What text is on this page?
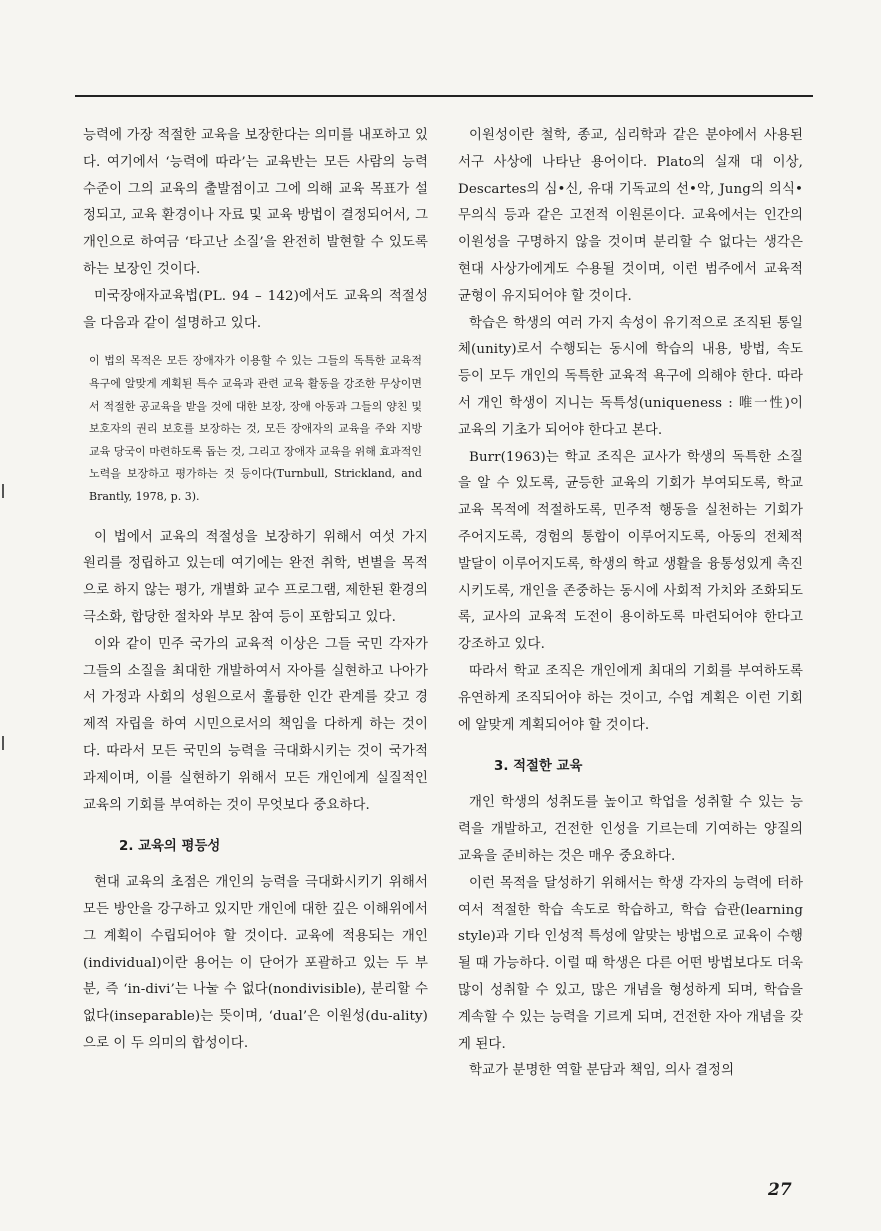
능력에 가장 적절한 교육을 보장한다는 의미를 내포하고 있다. 여기에서 ‘능력에 따라’는 교육반는 모든 사람의 능력 수준이 그의 교육의 출발점이고 그에 의해 교육 목표가 설정되고, 교육 환경이나 자료 및 교육 방법이 결정되어서, 그 개인으로 하여금 ‘타고난 소질’을 완전히 발현할 수 있도록 하는 보장인 것이다.

미국장애자교육법(PL. 94 – 142)에서도 교육의 적절성을 다음과 같이 설명하고 있다.

이 법의 목적은 모든 장애자가 이용할 수 있는 그들의 독특한 교육적 욕구에 알맞게 계획된 특수 교육과 관련 교육 활동을 강조한 무상이면서 적절한 공교육을 받을 것에 대한 보장, 장애 아동과 그들의 양친 및 보호자의 권리 보호를 보장하는 것, 모든 장애자의 교육을 주와 지방 교육 당국이 마련하도록 돕는 것, 그리고 장애자 교육을 위해 효과적인 노력을 보장하고 평가하는 것 등이다(Turnbull, Strickland, and Brantly, 1978, p. 3).

이 법에서 교육의 적절성을 보장하기 위해서 여섯 가지 원리를 정립하고 있는데 여기에는 완전 취학, 변별을 목적으로 하지 않는 평가, 개별화 교수 프로그램, 제한된 환경의 극소화, 합당한 절차와 부모 참여 등이 포함되고 있다.

이와 같이 민주 국가의 교육적 이상은 그들 국민 각자가 그들의 소질을 최대한 개발하여서 자아를 실현하고 나아가서 가정과 사회의 성원으로서 훌륭한 인간 관계를 갖고 경제적 자립을 하여 시민으로서의 책임을 다하게 하는 것이다. 따라서 모든 국민의 능력을 극대화시키는 것이 국가적 과제이며, 이를 실현하기 위해서 모든 개인에게 실질적인 교육의 기회를 부여하는 것이 무엇보다 중요하다.

2. 교육의 평등성

현대 교육의 초점은 개인의 능력을 극대화시키기 위해서 모든 방안을 강구하고 있지만 개인에 대한 깊은 이해위에서 그 계획이 수립되어야 할 것이다. 교육에 적용되는 개인(individual)이란 용어는 이 단어가 포괄하고 있는 두 부분, 즉 ‘in-divi’는 나눌 수 없다(nondivisible), 분리할 수 없다(inseparable)는 뜻이며, ‘dual’은 이원성(du-ality)으로 이 두 의미의 합성이다.

이원성이란 철학, 종교, 심리학과 같은 분야에서 사용된 서구 사상에 나타난 용어이다. Plato의 실재 대 이상, Descartes의 심•신, 유대 기독교의 선•악, Jung의 의식•무의식 등과 같은 고전적 이원론이다. 교육에서는 인간의 이원성을 구명하지 않을 것이며 분리할 수 없다는 생각은 현대 사상가에게도 수용될 것이며, 이런 범주에서 교육적 균형이 유지되어야 할 것이다.

학습은 학생의 여러 가지 속성이 유기적으로 조직된 통일체(unity)로서 수행되는 동시에 학습의 내용, 방법, 속도 등이 모두 개인의 독특한 교육적 욕구에 의해야 한다. 따라서 개인 학생이 지니는 독특성(uniqueness : 唯一性)이 교육의 기초가 되어야 한다고 본다.

Burr(1963)는 학교 조직은 교사가 학생의 독특한 소질을 알 수 있도록, 균등한 교육의 기회가 부여되도록, 학교 교육 목적에 적절하도록, 민주적 행동을 실천하는 기회가 주어지도록, 경험의 통합이 이루어지도록, 아동의 전체적 발달이 이루어지도록, 학생의 학교 생활을 융통성있게 촉진시키도록, 개인을 존중하는 동시에 사회적 가치와 조화되도록, 교사의 교육적 도전이 용이하도록 마련되어야 한다고 강조하고 있다.

따라서 학교 조직은 개인에게 최대의 기회를 부여하도록 유연하게 조직되어야 하는 것이고, 수업 계획은 이런 기회에 알맞게 계획되어야 할 것이다.

3. 적절한 교육

개인 학생의 성취도를 높이고 학업을 성취할 수 있는 능력을 개발하고, 건전한 인성을 기르는데 기여하는 양질의 교육을 준비하는 것은 매우 중요하다.

이런 목적을 달성하기 위해서는 학생 각자의 능력에 터하여서 적절한 학습 속도로 학습하고, 학습 습관(learning style)과 기타 인성적 특성에 알맞는 방법으로 교육이 수행될 때 가능하다. 이럴 때 학생은 다른 어떤 방법보다도 더욱 많이 성취할 수 있고, 많은 개념을 형성하게 되며, 학습을 계속할 수 있는 능력을 기르게 되며, 건전한 자아 개념을 갖게 된다.

학교가 분명한 역할 분담과 책임, 의사 결정의

27
